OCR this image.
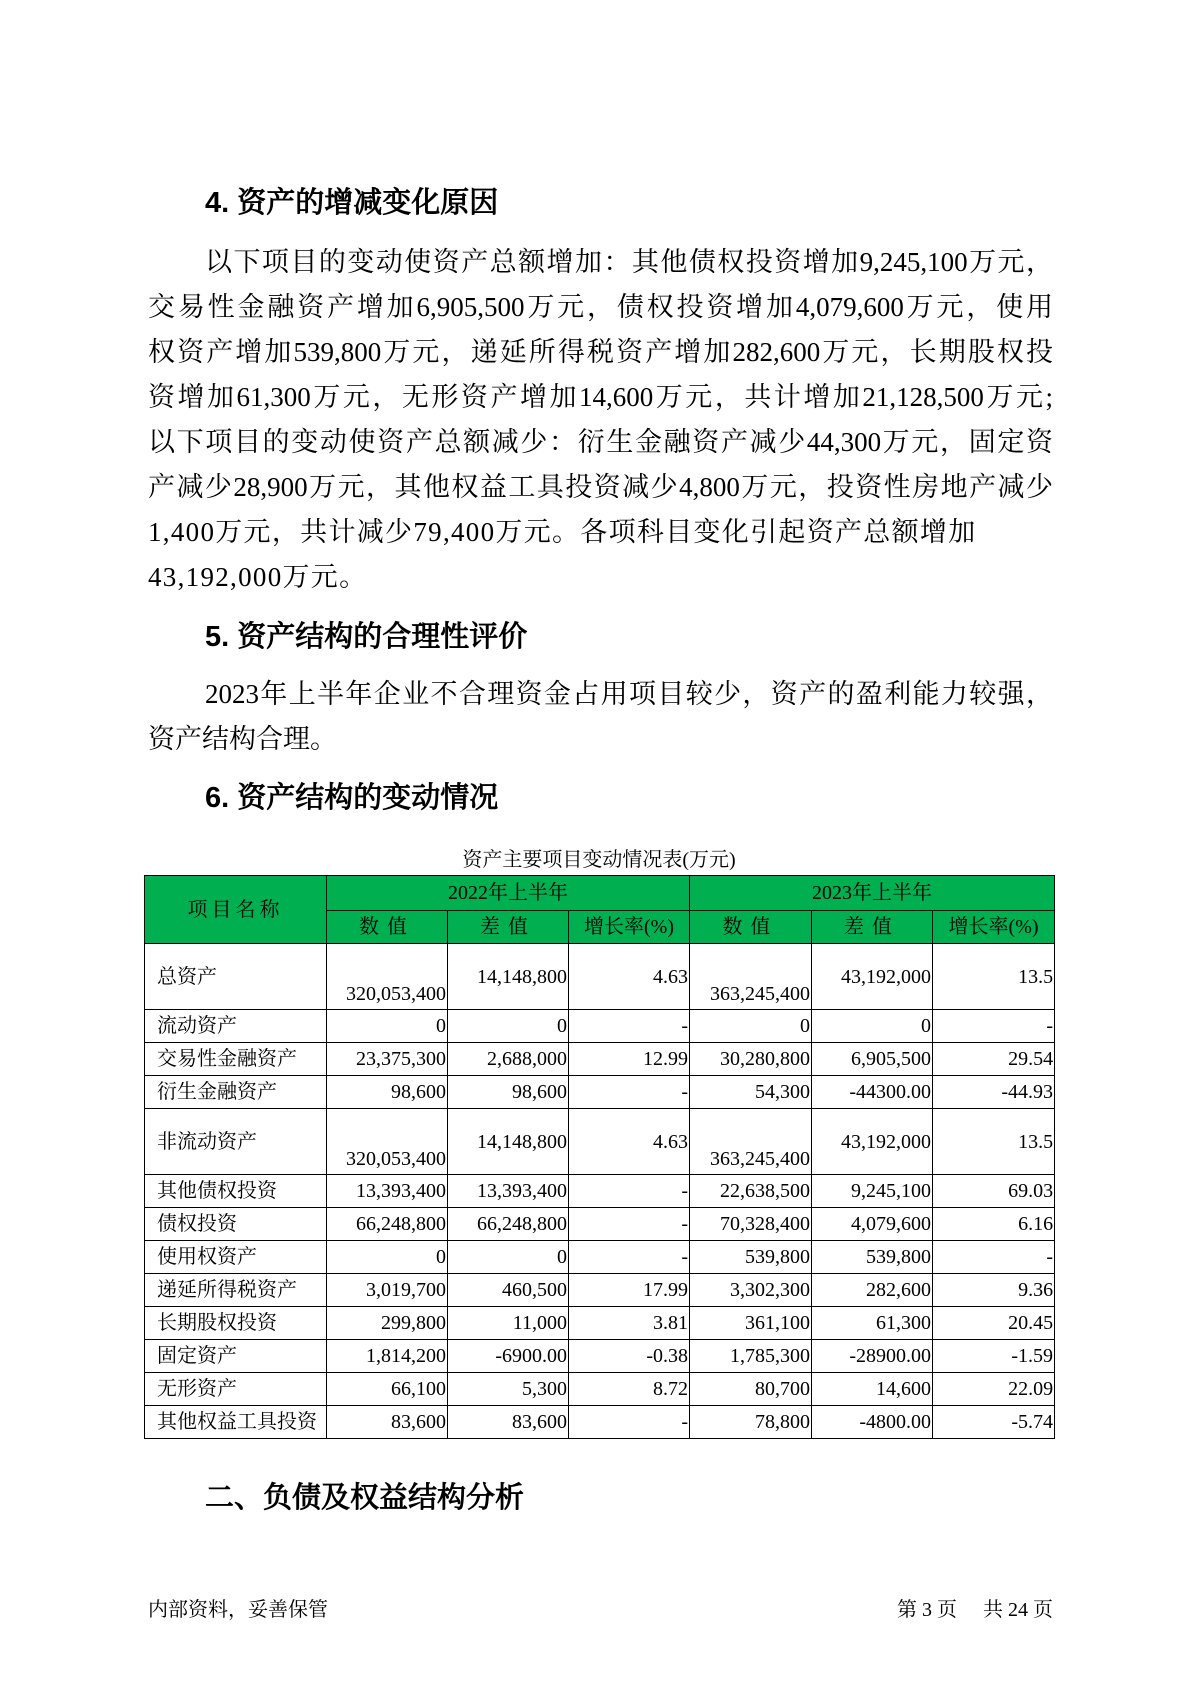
4. 资产的增减变化原因
以下项目的变动使资产总额增加：其他债权投资增加9,245,100万元，
交易性金融资产增加6,905,500万元，债权投资增加4,079,600万元，使用
权资产增加539,800万元，递延所得税资产增加282,600万元，长期股权投
资增加61,300万元，无形资产增加14,600万元，共计增加21,128,500万元;
以下项目的变动使资产总额减少：衍生金融资产减少44,300万元，固定资
产减少28,900万元，其他权益工具投资减少4,800万元，投资性房地产减少
1,400万元，共计减少79,400万元。各项科目变化引起资产总额增加
43,192,000万元。
5. 资产结构的合理性评价
2023年上半年企业不合理资金占用项目较少，资产的盈利能力较强，
资产结构合理。
6. 资产结构的变动情况
资产主要项目变动情况表(万元)
项目名称	2022年上半年			2023年上半年		
	数值	差值	增长率(%)	数值	差值	增长率(%)
总资产	320,053,400	14,148,800	4.63	363,245,400	43,192,000	13.5
流动资产	0	0	-	0	0	-
交易性金融资产	23,375,300	2,688,000	12.99	30,280,800	6,905,500	29.54
衍生金融资产	98,600	98,600	-	54,300	-44300.00	-44.93
非流动资产	320,053,400	14,148,800	4.63	363,245,400	43,192,000	13.5
其他债权投资	13,393,400	13,393,400	-	22,638,500	9,245,100	69.03
债权投资	66,248,800	66,248,800	-	70,328,400	4,079,600	6.16
使用权资产	0	0	-	539,800	539,800	-
递延所得税资产	3,019,700	460,500	17.99	3,302,300	282,600	9.36
长期股权投资	299,800	11,000	3.81	361,100	61,300	20.45
固定资产	1,814,200	-6900.00	-0.38	1,785,300	-28900.00	-1.59
无形资产	66,100	5,300	8.72	80,700	14,600	22.09
其他权益工具投资	83,600	83,600	-	78,800	-4800.00	-5.74
二、负债及权益结构分析
内部资料，妥善保管	第 3 页 共 24 页
